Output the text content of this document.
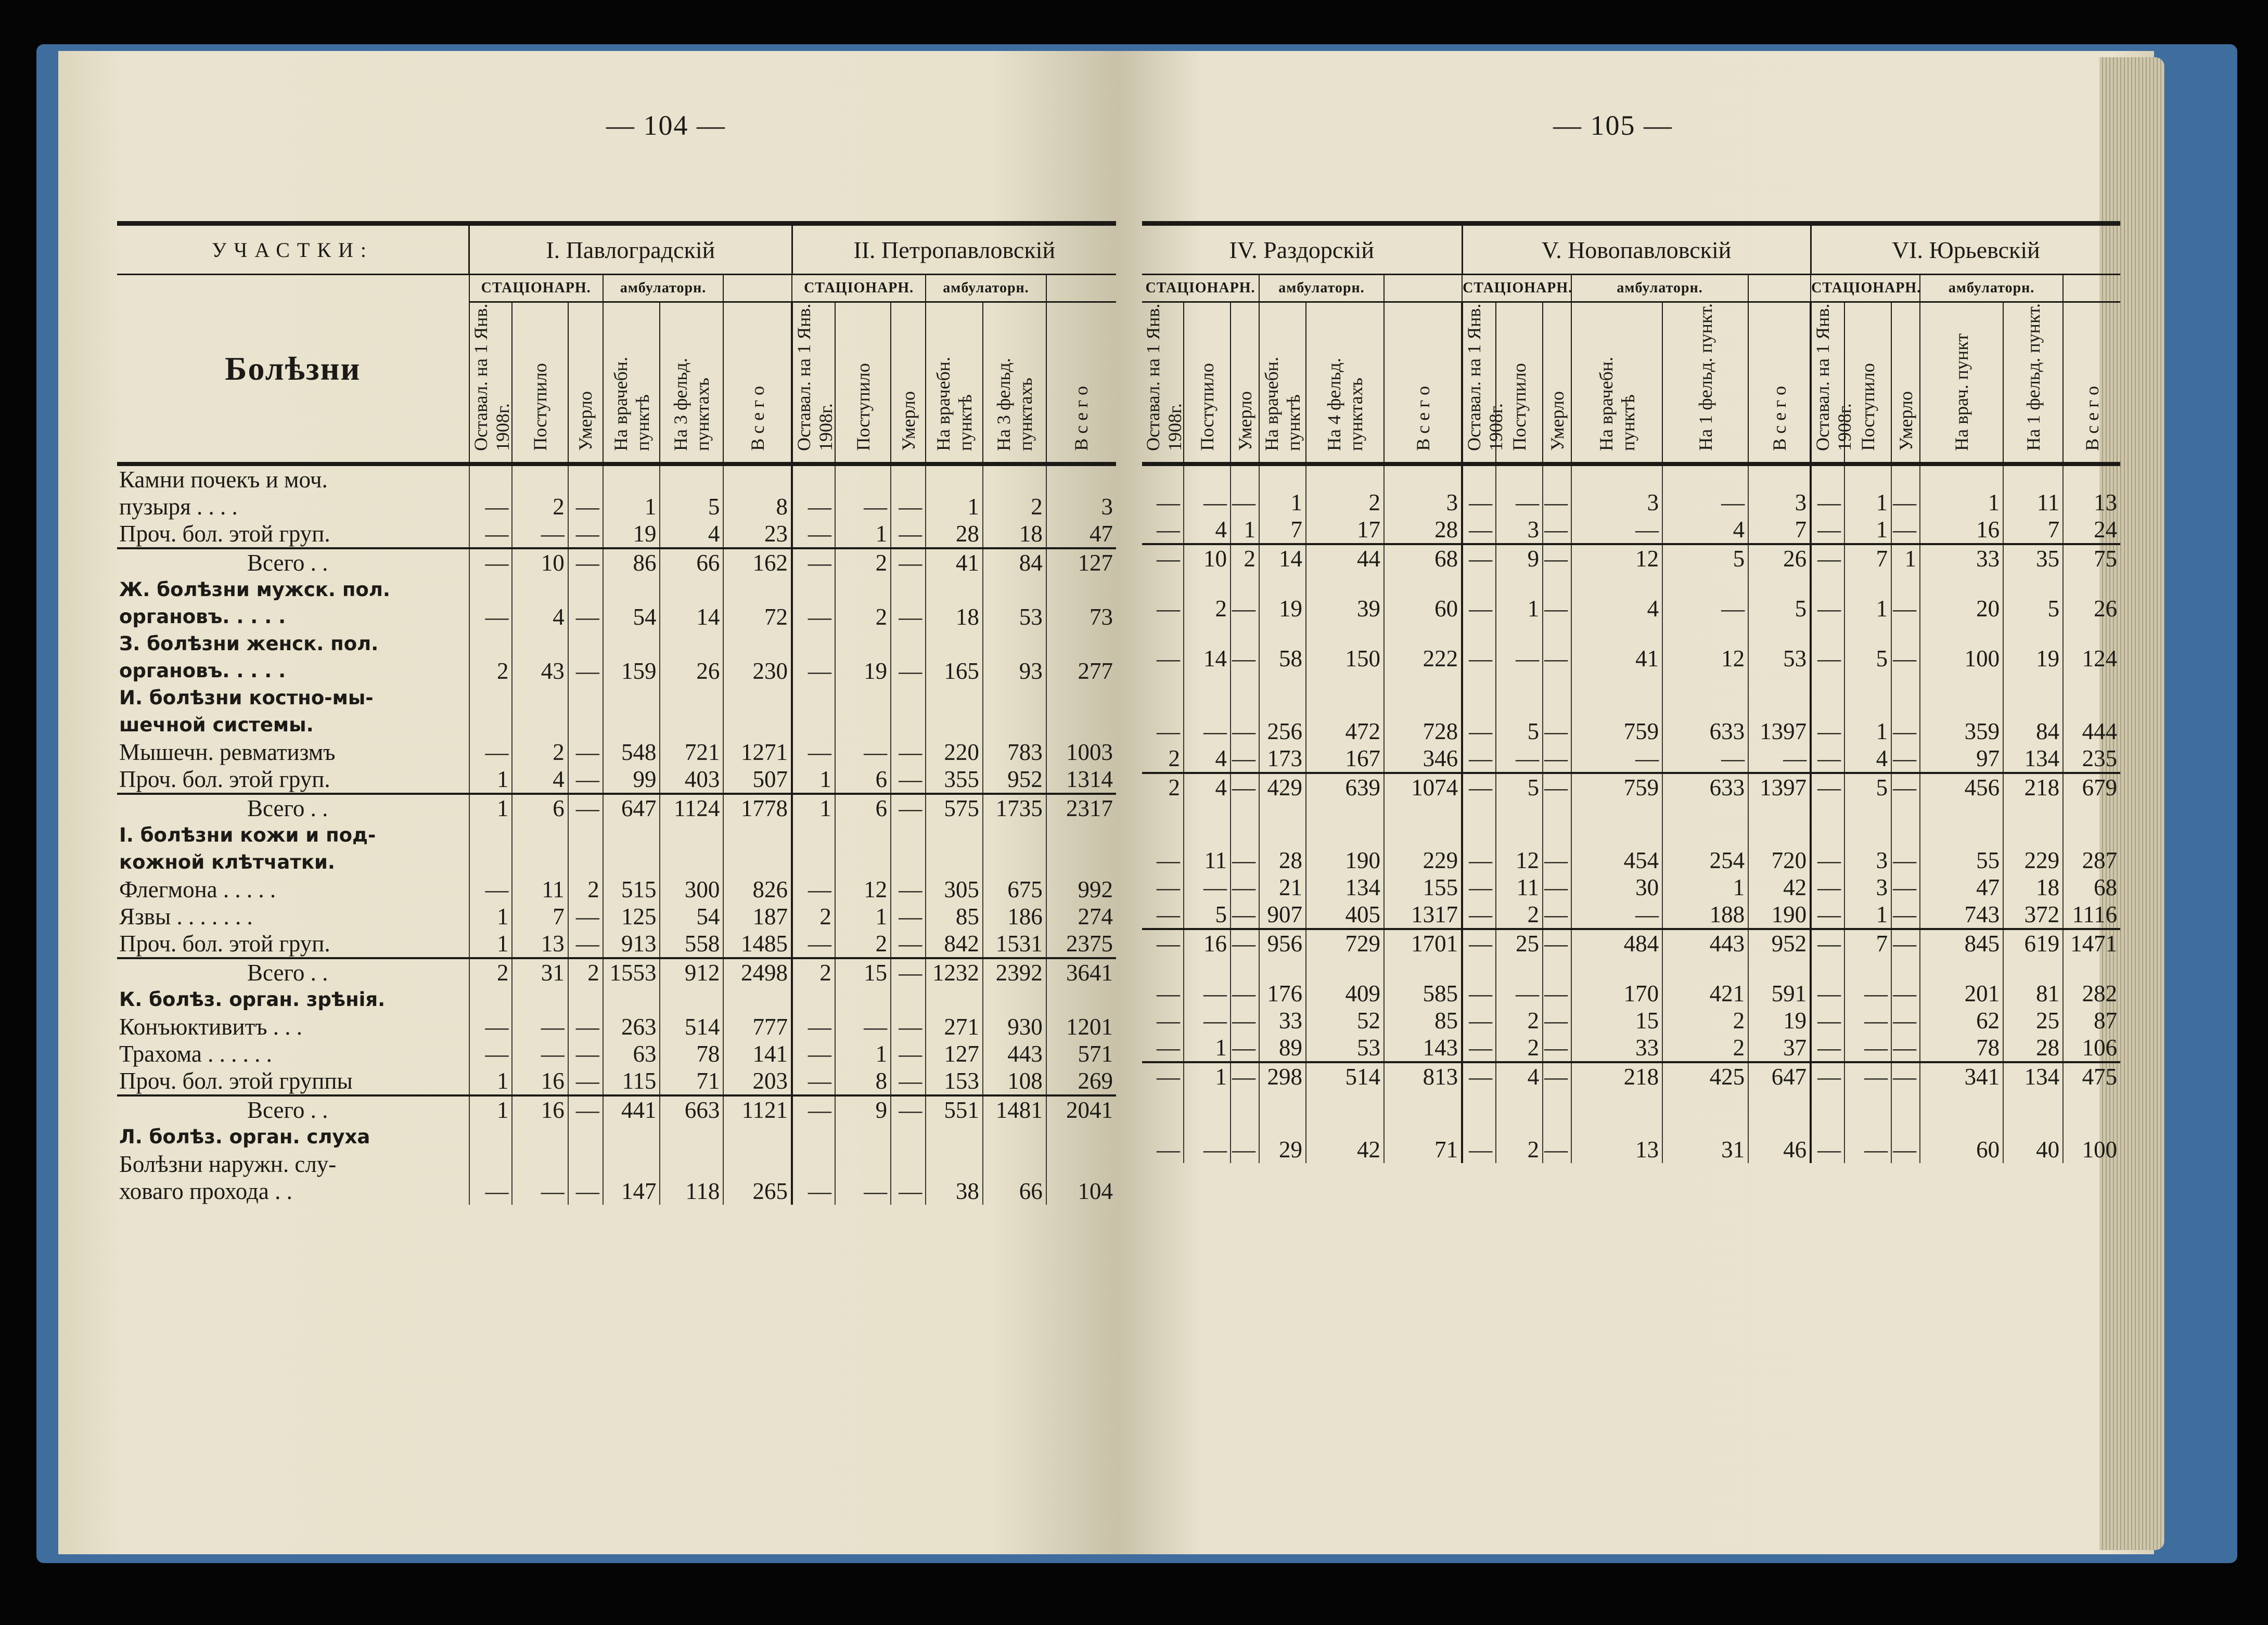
— 104 —	— 105 —
УЧАСТКИ:	I. Павлоградскій						II. Петропавловскій					
Болѣзни	СТАЦІОНАРН.			амбулаторн.			СТАЦІОНАРН.			амбулаторн.		
	Оставал. на 1 Янв. 1908г.	Поступило	Умерло	На врачебн. пунктѣ	На 3 фельд. пунктахъ	В с е г о	Оставал. на 1 Янв. 1908г.	Поступило	Умерло	На врачебн. пунктѣ	На 3 фельд. пунктахъ	В с е г о
Камни почекъ и моч.												
пузыря . . . .	—	2	—	1	5	8	—	—	—	1	2	3
Проч. бол. этой груп.	—	—	—	19	4	23	—	1	—	28	18	47
Всего . .	—	10	—	86	66	162	—	2	—	41	84	127
Ж. болѣзни мужск. пол.												
органовъ. . . . .	—	4	—	54	14	72	—	2	—	18	53	73
З. болѣзни женск. пол.												
органовъ. . . . .	2	43	—	159	26	230	—	19	—	165	93	277
И. болѣзни костно-мы-												
шечной системы.												
Мышечн. ревматизмъ	—	2	—	548	721	1271	—	—	—	220	783	1003
Проч. бол. этой груп.	1	4	—	99	403	507	1	6	—	355	952	1314
Всего . .	1	6	—	647	1124	1778	1	6	—	575	1735	2317
І. болѣзни кожи и под-												
кожной клѣтчатки.												
Флегмона . . . . .	—	11	2	515	300	826	—	12	—	305	675	992
Язвы . . . . . . .	1	7	—	125	54	187	2	1	—	85	186	274
Проч. бол. этой груп.	1	13	—	913	558	1485	—	2	—	842	1531	2375
Всего . .	2	31	2	1553	912	2498	2	15	—	1232	2392	3641
К. болѣз. орган. зрѣнія.												
Конъюктивитъ . . .	—	—	—	263	514	777	—	—	—	271	930	1201
Трахома . . . . . .	—	—	—	63	78	141	—	1	—	127	443	571
Проч. бол. этой группы	1	16	—	115	71	203	—	8	—	153	108	269
Всего . .	1	16	—	441	663	1121	—	9	—	551	1481	2041
Л. болѣз. орган. слуха												
Болѣзни наружн. слу-												
ховаго прохода . .	—	—	—	147	118	265	—	—	—	38	66	104
IV. Раздорскій						V. Новопавловскій						VI. Юрьевскій					
СТАЦІОНАРН.			амбулаторн.			СТАЦІОНАРН.			амбулаторн.			СТАЦІОНАРН.			амбулаторн.		
Оставал. на 1 Янв. 1908г.	Поступило	Умерло	На врачебн. пунктѣ	На 4 фельд. пунктахъ	В с е г о	Оставал. на 1 Янв. 1908г.	Поступило	Умерло	На врачебн. пунктѣ	На 1 фельд. пункт.	В с е г о	Оставал. на 1 Янв. 1908г.	Поступило	Умерло	На врач. пункт	На 1 фельд. пункт.	В с е г о

—	—	—	1	2	3	—	—	—	3	—	3	—	1	—	1	11	13
—	4	1	7	17	28	—	3	—	—	4	7	—	1	—	16	7	24
—	10	2	14	44	68	—	9	—	12	5	26	—	7	1	33	35	75

—	2	—	19	39	60	—	1	—	4	—	5	—	1	—	20	5	26

—	14	—	58	150	222	—	—	—	41	12	53	—	5	—	100	19	124

—	—	—	256	472	728	—	5	—	759	633	1397	—	1	—	359	84	444
2	4	—	173	167	346	—	—	—	—	—	—	—	4	—	97	134	235
2	4	—	429	639	1074	—	5	—	759	633	1397	—	5	—	456	218	679

—	11	—	28	190	229	—	12	—	454	254	720	—	3	—	55	229	287
—	—	—	21	134	155	—	11	—	30	1	42	—	3	—	47	18	68
—	5	—	907	405	1317	—	2	—	—	188	190	—	1	—	743	372	1116
—	16	—	956	729	1701	—	25	—	484	443	952	—	7	—	845	619	1471

—	—	—	176	409	585	—	—	—	170	421	591	—	—	—	201	81	282
—	—	—	33	52	85	—	2	—	15	2	19	—	—	—	62	25	87
—	1	—	89	53	143	—	2	—	33	2	37	—	—	—	78	28	106
—	1	—	298	514	813	—	4	—	218	425	647	—	—	—	341	134	475

—	—	—	29	42	71	—	2	—	13	31	46	—	—	—	60	40	100
